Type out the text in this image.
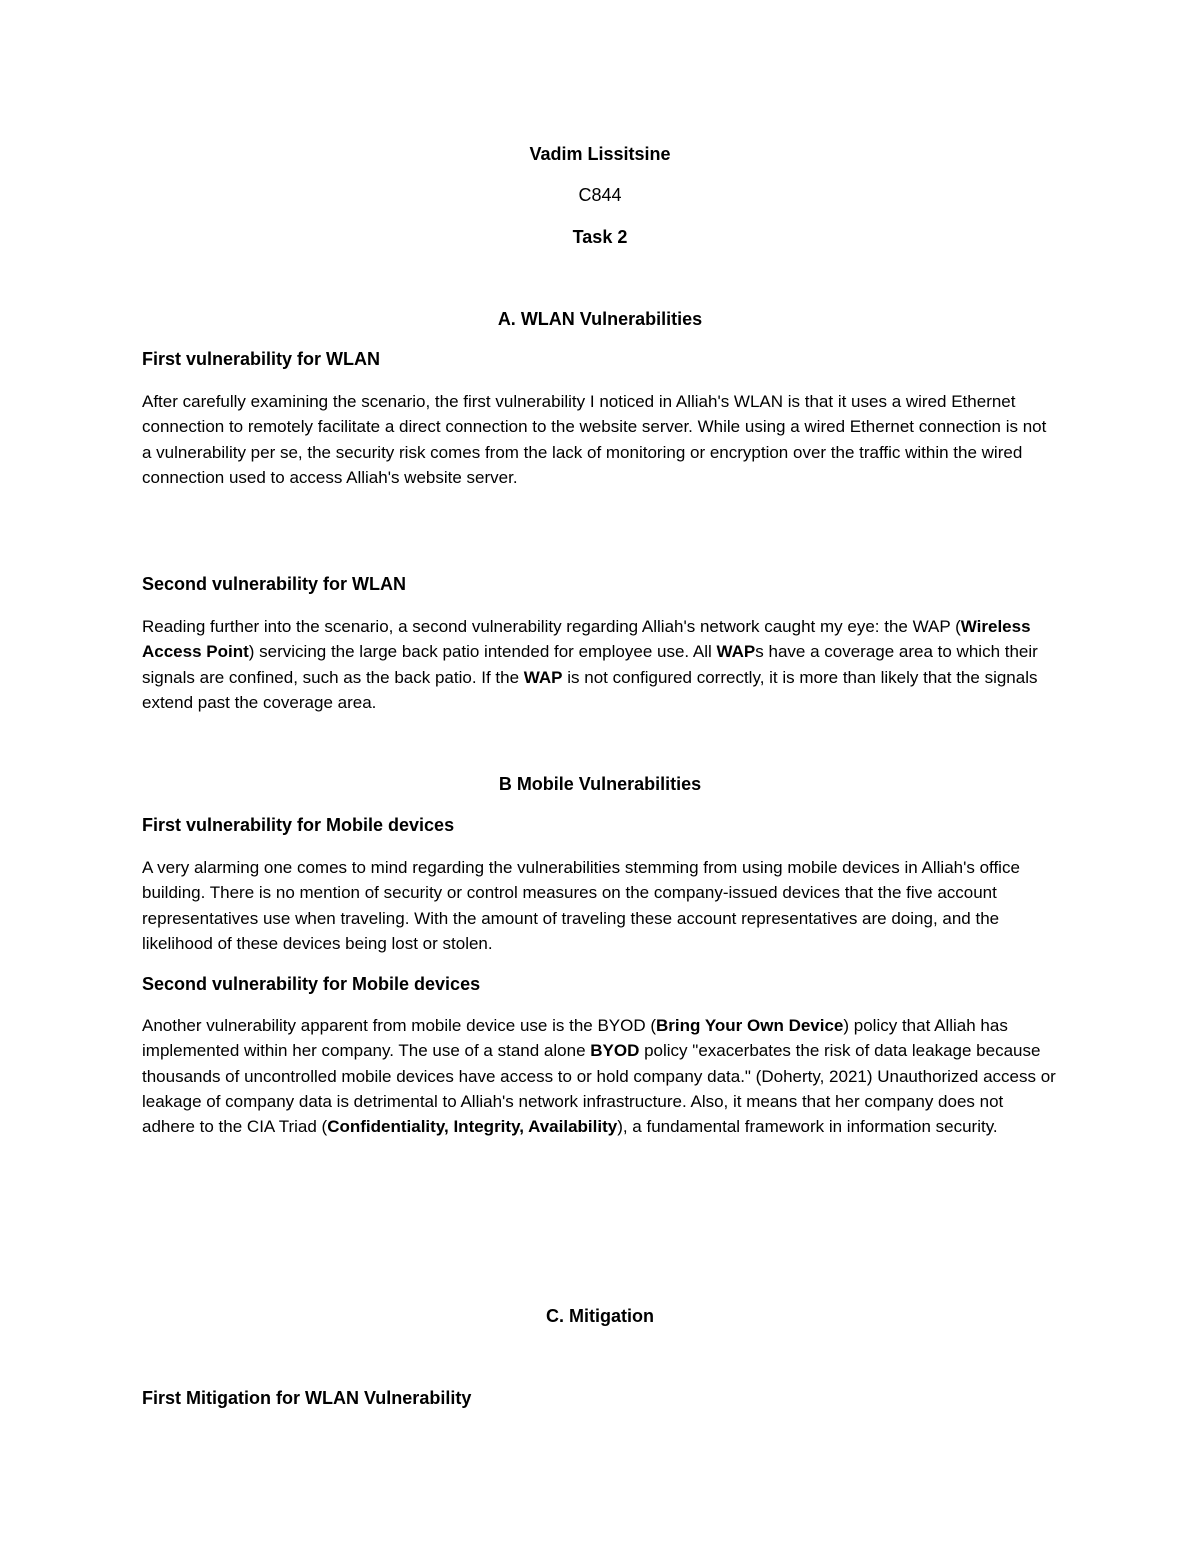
Vadim Lissitsine
C844
Task 2
A. WLAN Vulnerabilities
First vulnerability for WLAN

After carefully examining the scenario, the first vulnerability I noticed in Alliah's WLAN is that it uses a wired Ethernet connection to remotely facilitate a direct connection to the website server. While using a wired Ethernet connection is not a vulnerability per se, the security risk comes from the lack of monitoring or encryption over the traffic within the wired connection used to access Alliah's website server.

Second vulnerability for WLAN

Reading further into the scenario, a second vulnerability regarding Alliah's network caught my eye: the WAP (Wireless Access Point) servicing the large back patio intended for employee use. All WAPs have a coverage area to which their signals are confined, such as the back patio. If the WAP is not configured correctly, it is more than likely that the signals extend past the coverage area.

B Mobile Vulnerabilities
First vulnerability for Mobile devices

A very alarming one comes to mind regarding the vulnerabilities stemming from using mobile devices in Alliah's office building. There is no mention of security or control measures on the company-issued devices that the five account representatives use when traveling. With the amount of traveling these account representatives are doing, and the likelihood of these devices being lost or stolen.

Second vulnerability for Mobile devices

Another vulnerability apparent from mobile device use is the BYOD (Bring Your Own Device) policy that Alliah has implemented within her company. The use of a stand alone BYOD policy "exacerbates the risk of data leakage because thousands of uncontrolled mobile devices have access to or hold company data." (Doherty, 2021) Unauthorized access or leakage of company data is detrimental to Alliah's network infrastructure. Also, it means that her company does not adhere to the CIA Triad (Confidentiality, Integrity, Availability), a fundamental framework in information security.

C. Mitigation
First Mitigation for WLAN Vulnerability
